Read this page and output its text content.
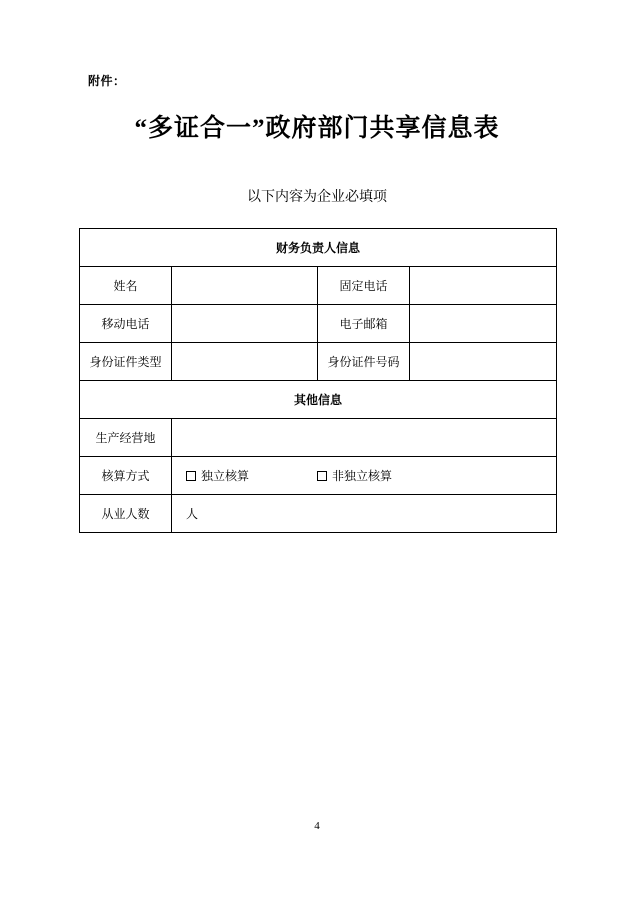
附件：
“多证合一”政府部门共享信息表
以下内容为企业必填项
财务负责人信息			
姓名		固定电话	
移动电话		电子邮箱	
身份证件类型		身份证件号码	
其他信息			
生产经营地			
核算方式	独立核算 非独立核算		

从业人数	人		
4
